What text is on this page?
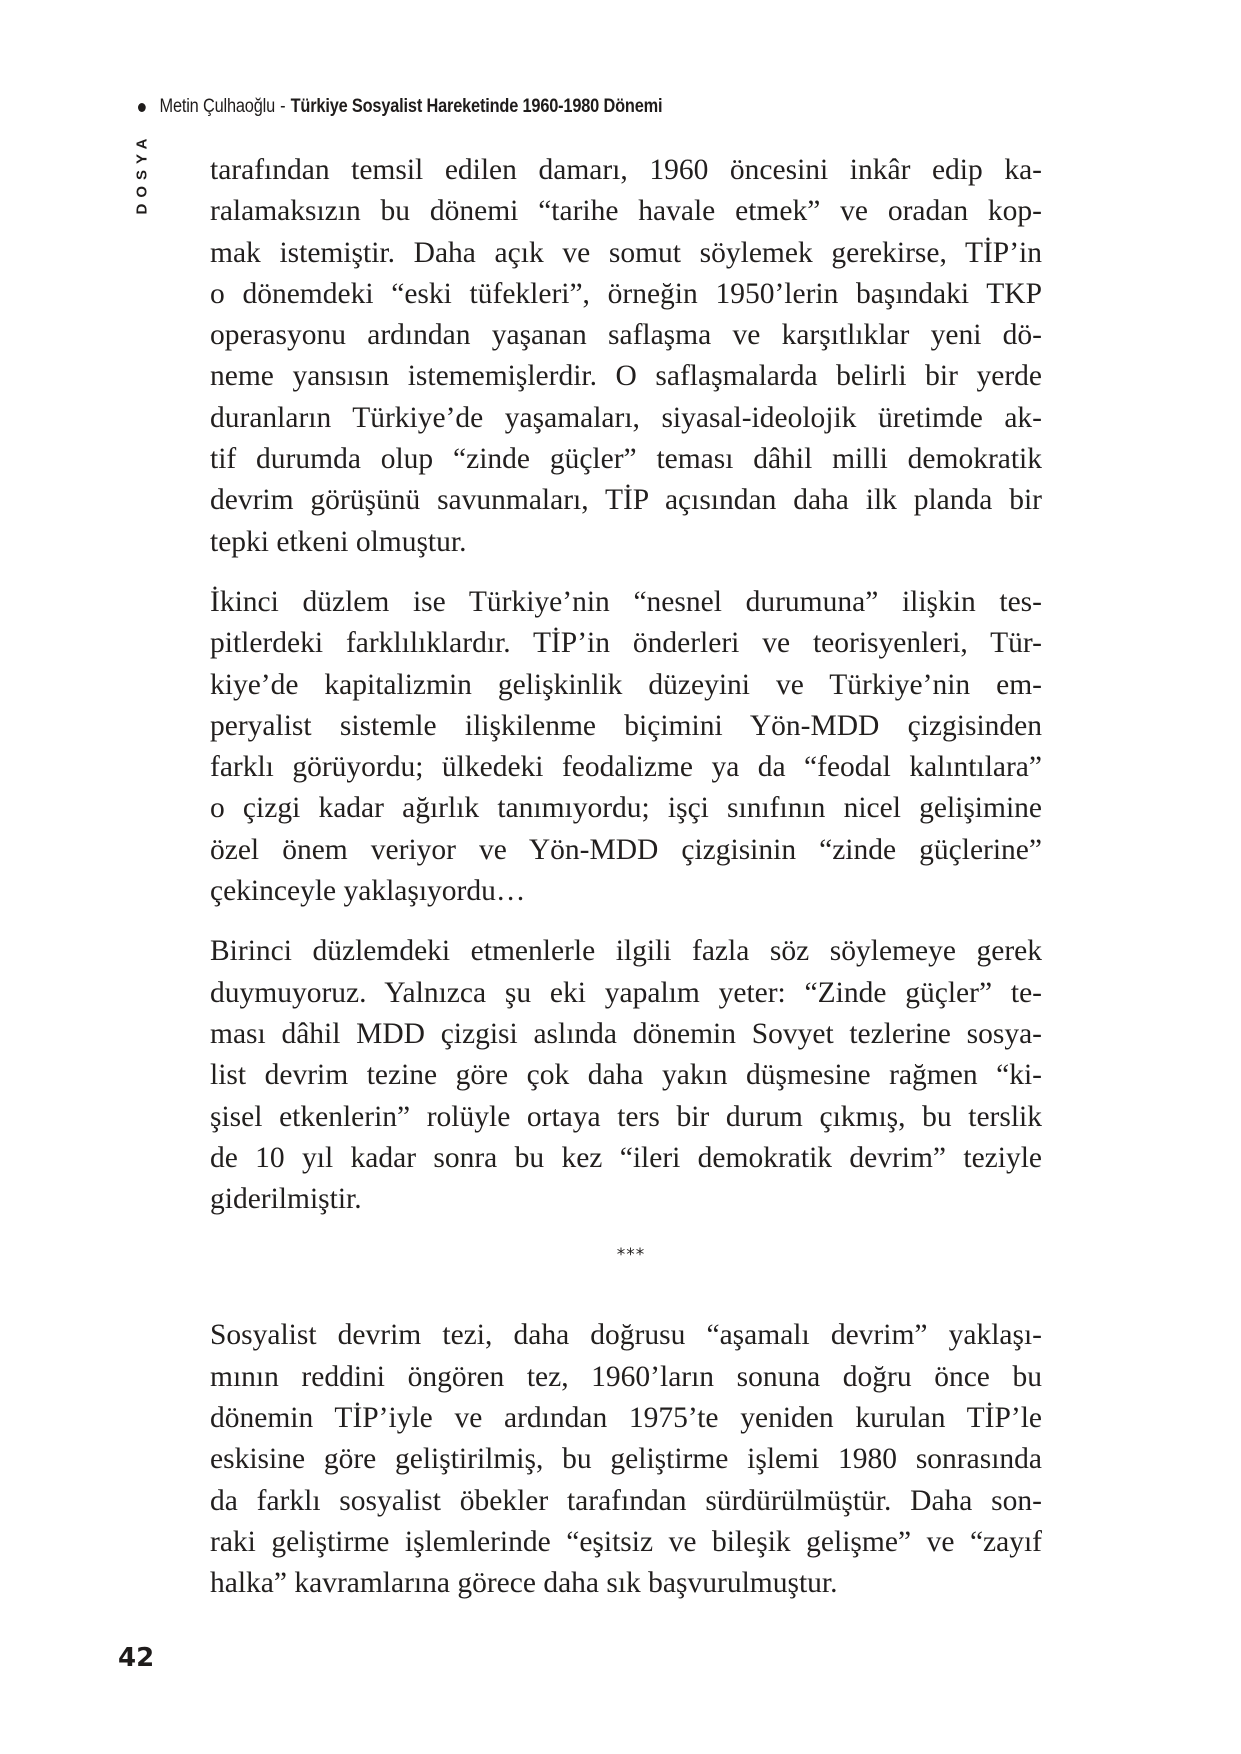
Metin Çulhaoğlu - Türkiye Sosyalist Hareketinde 1960-1980 Dönemi
DOSYA tarafından temsil edilen damarı, 1960 öncesini inkâr edip ka-
ralamaksızın bu dönemi “tarihe havale etmek” ve oradan kop-
mak istemiştir. Daha açık ve somut söylemek gerekirse, TİP’in
o dönemdeki “eski tüfekleri”, örneğin 1950’lerin başındaki TKP
operasyonu ardından yaşanan saflaşma ve karşıtlıklar yeni dö-
neme yansısın istememişlerdir. O saflaşmalarda belirli bir yerde
duranların Türkiye’de yaşamaları, siyasal-ideolojik üretimde ak-
tif durumda olup “zinde güçler” teması dâhil milli demokratik
devrim görüşünü savunmaları, TİP açısından daha ilk planda bir
tepki etkeni olmuştur.
İkinci düzlem ise Türkiye’nin “nesnel durumuna” ilişkin tes-
pitlerdeki farklılıklardır. TİP’in önderleri ve teorisyenleri, Tür-
kiye’de kapitalizmin gelişkinlik düzeyini ve Türkiye’nin em-
peryalist sistemle ilişkilenme biçimini Yön-MDD çizgisinden
farklı görüyordu; ülkedeki feodalizme ya da “feodal kalıntılara”
o çizgi kadar ağırlık tanımıyordu; işçi sınıfının nicel gelişimine
özel önem veriyor ve Yön-MDD çizgisinin “zinde güçlerine”
çekinceyle yaklaşıyordu…
Birinci düzlemdeki etmenlerle ilgili fazla söz söylemeye gerek
duymuyoruz. Yalnızca şu eki yapalım yeter: “Zinde güçler” te-
ması dâhil MDD çizgisi aslında dönemin Sovyet tezlerine sosya-
list devrim tezine göre çok daha yakın düşmesine rağmen “ki-
şisel etkenlerin” rolüyle ortaya ters bir durum çıkmış, bu terslik
de 10 yıl kadar sonra bu kez “ileri demokratik devrim” teziyle
giderilmiştir.
***
Sosyalist devrim tezi, daha doğrusu “aşamalı devrim” yaklaşı-
mının reddini öngören tez, 1960’ların sonuna doğru önce bu
dönemin TİP’iyle ve ardından 1975’te yeniden kurulan TİP’le
eskisine göre geliştirilmiş, bu geliştirme işlemi 1980 sonrasında
da farklı sosyalist öbekler tarafından sürdürülmüştür. Daha son-
raki geliştirme işlemlerinde “eşitsiz ve bileşik gelişme” ve “zayıf
halka” kavramlarına görece daha sık başvurulmuştur.
42
